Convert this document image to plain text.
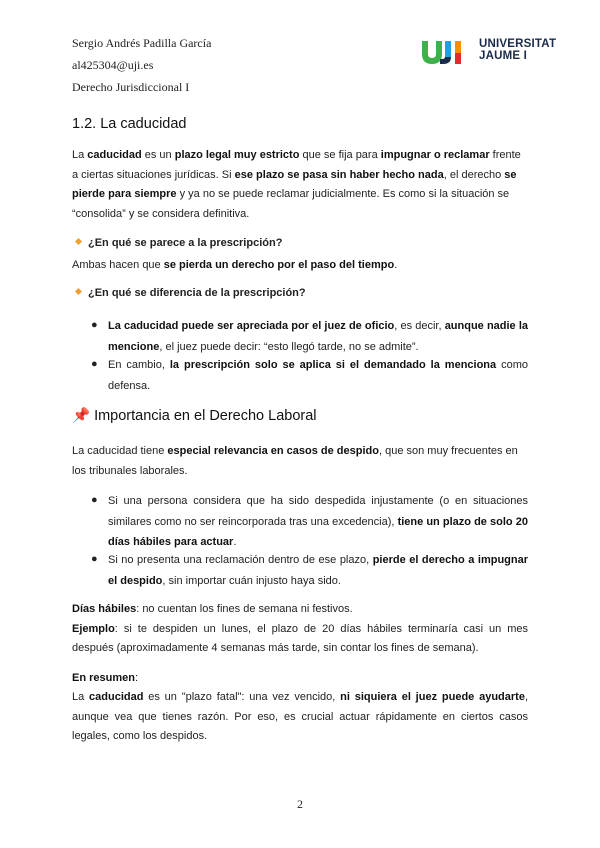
Sergio Andrés Padilla García
al425304@uji.es
Derecho Jurisdiccional I
UNIVERSITAT
JAUME I
1.2. La caducidad
La caducidad es un plazo legal muy estricto que se fija para impugnar o reclamar frente a ciertas situaciones jurídicas. Si ese plazo se pasa sin haber hecho nada, el derecho se pierde para siempre y ya no se puede reclamar judicialmente. Es como si la situación se “consolida” y se considera definitiva.
¿En qué se parece a la prescripción?
Ambas hacen que se pierda un derecho por el paso del tiempo.
¿En qué se diferencia de la prescripción?
● La caducidad puede ser apreciada por el juez de oficio, es decir, aunque nadie la mencione, el juez puede decir: “esto llegó tarde, no se admite”.
● En cambio, la prescripción solo se aplica si el demandado la menciona como defensa.
📌 Importancia en el Derecho Laboral
La caducidad tiene especial relevancia en casos de despido, que son muy frecuentes en los tribunales laborales.
● Si una persona considera que ha sido despedida injustamente (o en situaciones similares como no ser reincorporada tras una excedencia), tiene un plazo de solo 20 días hábiles para actuar.
● Si no presenta una reclamación dentro de ese plazo, pierde el derecho a impugnar el despido, sin importar cuán injusto haya sido.
Días hábiles: no cuentan los fines de semana ni festivos.
Ejemplo: si te despiden un lunes, el plazo de 20 días hábiles terminaría casi un mes después (aproximadamente 4 semanas más tarde, sin contar los fines de semana).
En resumen:
La caducidad es un "plazo fatal": una vez vencido, ni siquiera el juez puede ayudarte, aunque vea que tienes razón. Por eso, es crucial actuar rápidamente en ciertos casos legales, como los despidos.
2
